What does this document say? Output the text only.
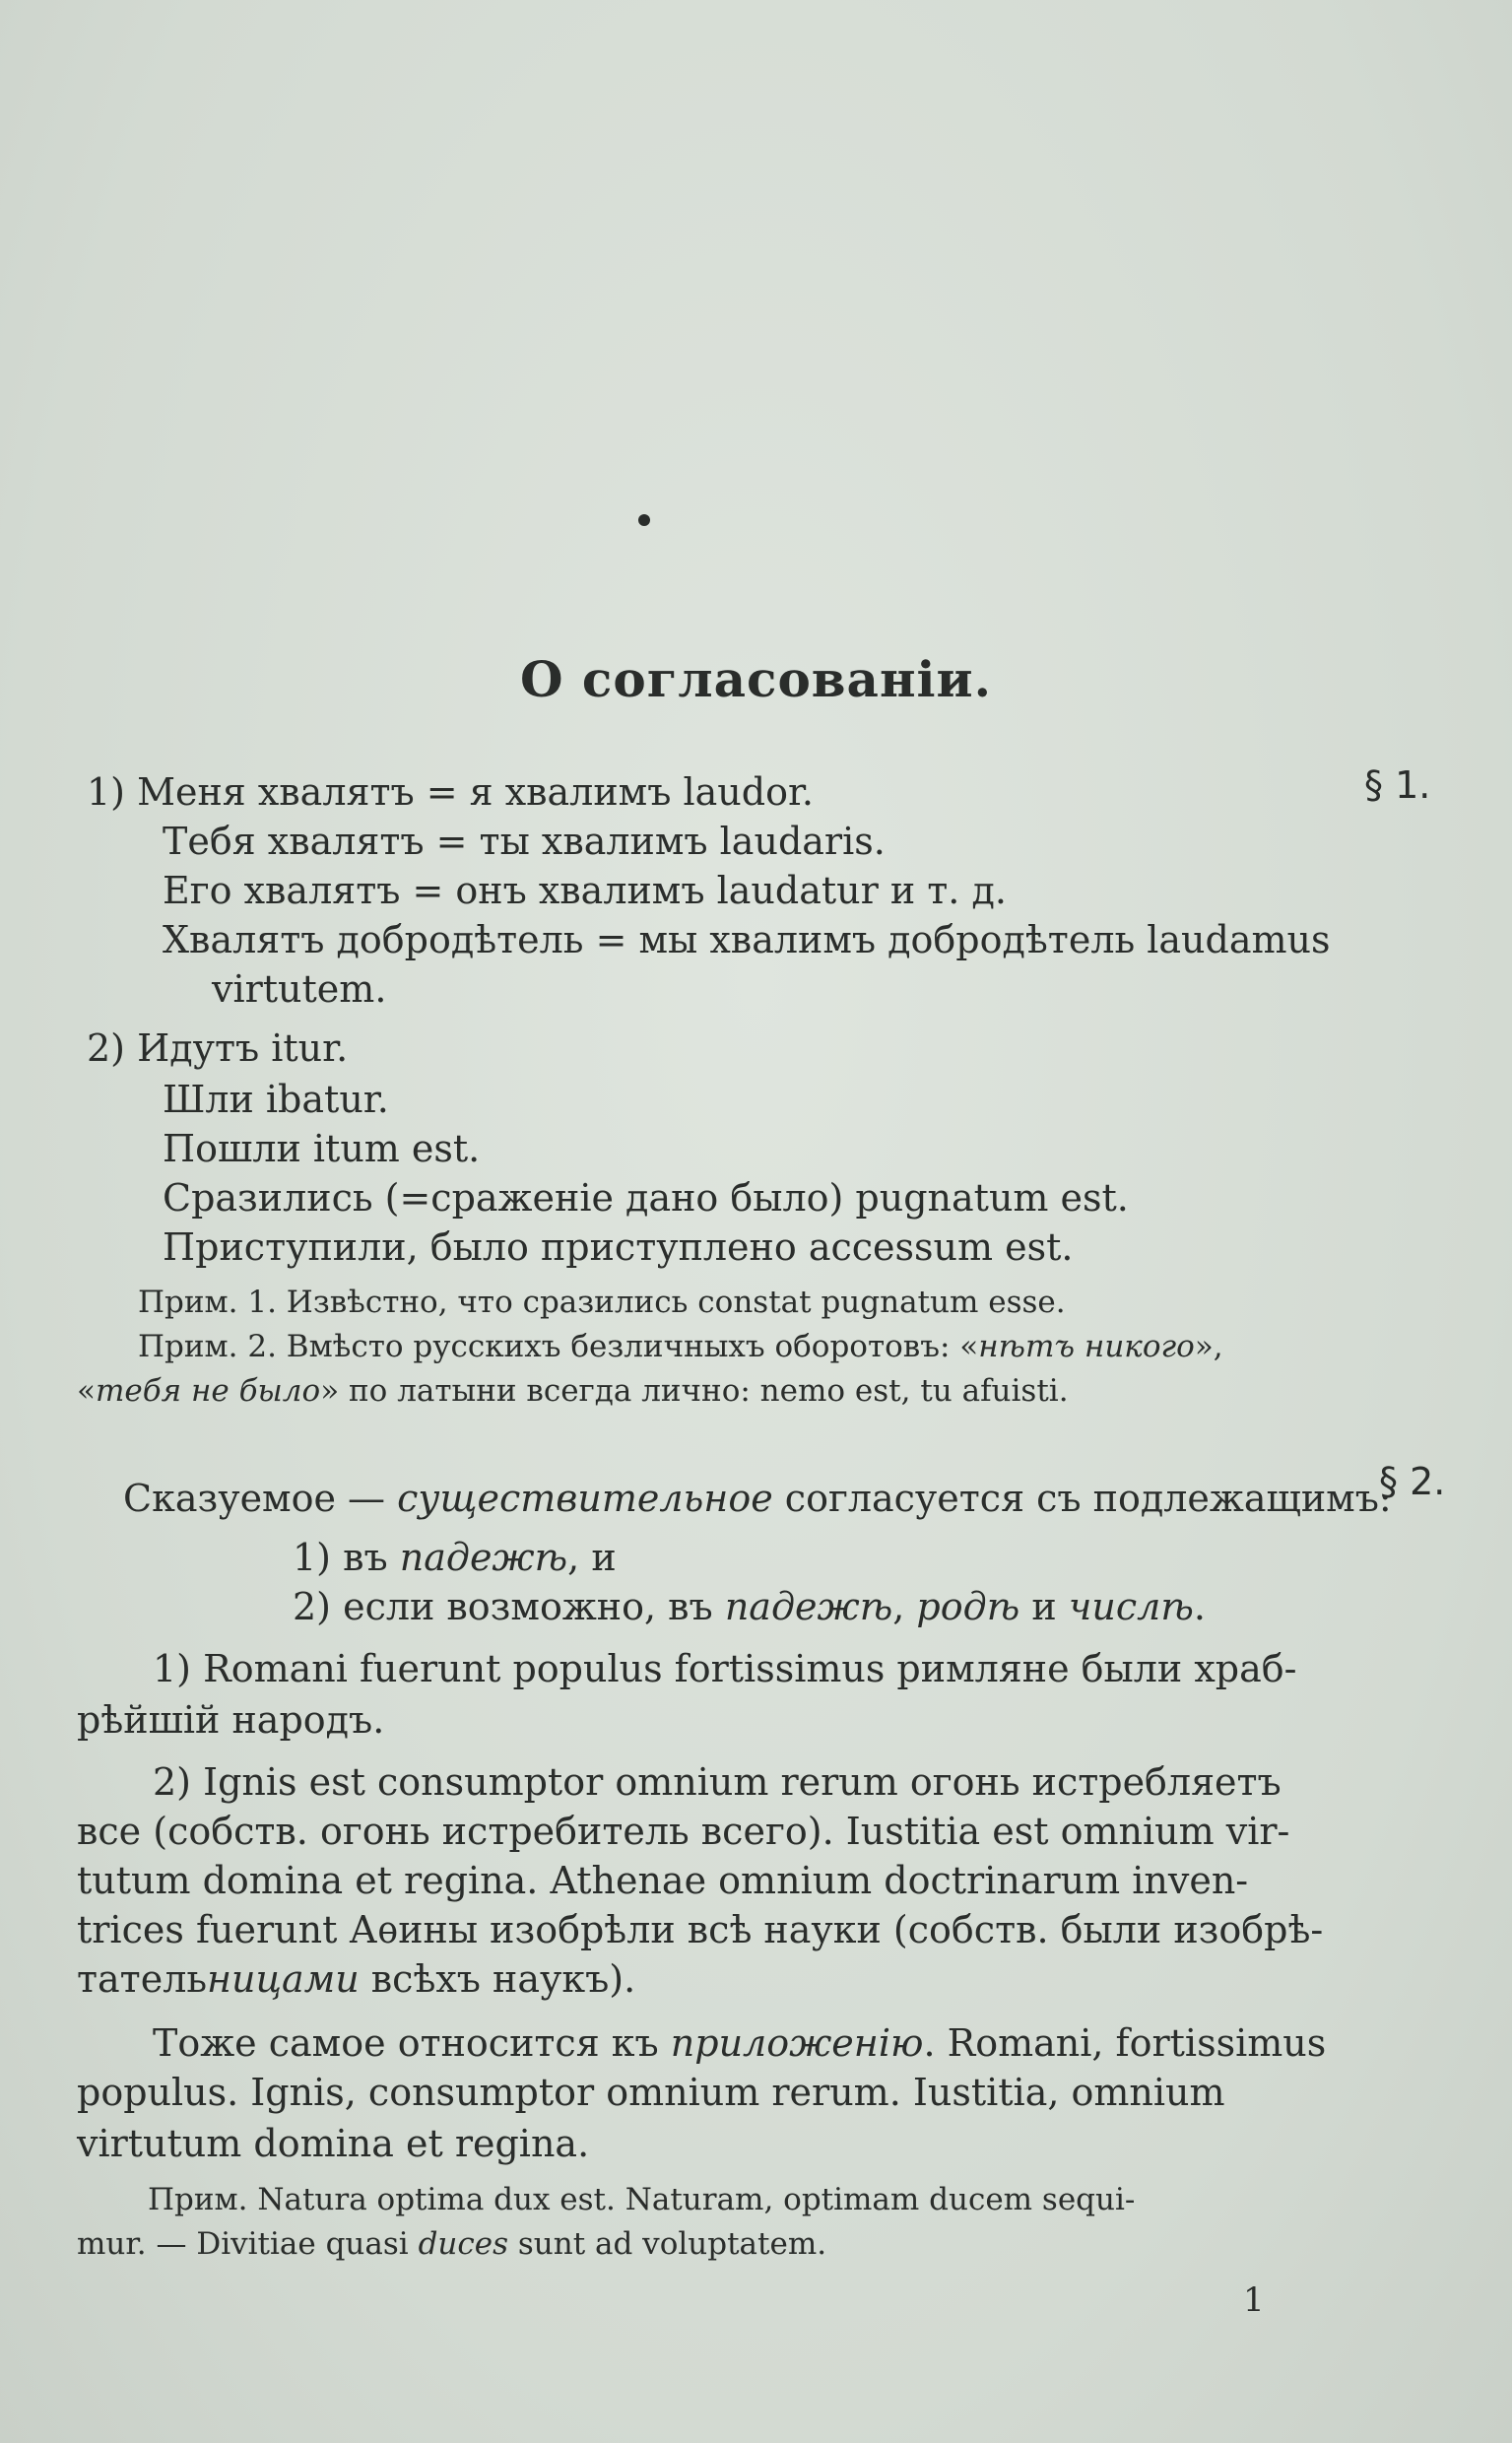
О согласованіи.
§ 1.
1) Меня хвалятъ = я хвалимъ laudor.
Тебя хвалятъ = ты хвалимъ laudaris.
Его хвалятъ = онъ хвалимъ laudatur и т. д.
Хвалятъ добродѣтель = мы хвалимъ добродѣтель laudamus
virtutem.
2) Идутъ itur.
Шли ibatur.
Пошли itum est.
Сразились (=сраженіе дано было) pugnatum est.
Приступили, было приступлено accessum est.
Прим. 1. Извѣстно, что сразились constat pugnatum esse.
Прим. 2. Вмѣсто русскихъ безличныхъ оборотовъ: «нѣтъ никого»,
«тебя не было» по латыни всегда лично: nemo est, tu afuisti.
§ 2.
Сказуемое — существительное согласуется съ подлежащимъ:
1) въ падежѣ, и
2) если возможно, въ падежѣ, родѣ и числѣ.
1) Romani fuerunt populus fortissimus римляне были храб-
рѣйшій народъ.
2) Ignis est consumptor omnium rerum огонь истребляетъ
все (собств. огонь истребитель всего). Iustitia est omnium vir-
tutum domina et regina. Athenae omnium doctrinarum inven-
trices fuerunt Аѳины изобрѣли всѣ науки (собств. были изобрѣ-
тательницами всѣхъ наукъ).
Тоже самое относится къ приложенію. Romani, fortissimus
populus. Ignis, consumptor omnium rerum. Iustitia, omnium
virtutum domina et regina.
Прим. Natura optima dux est. Naturam, optimam ducem sequi-
mur. — Divitiae quasi duces sunt ad voluptatem.
1
